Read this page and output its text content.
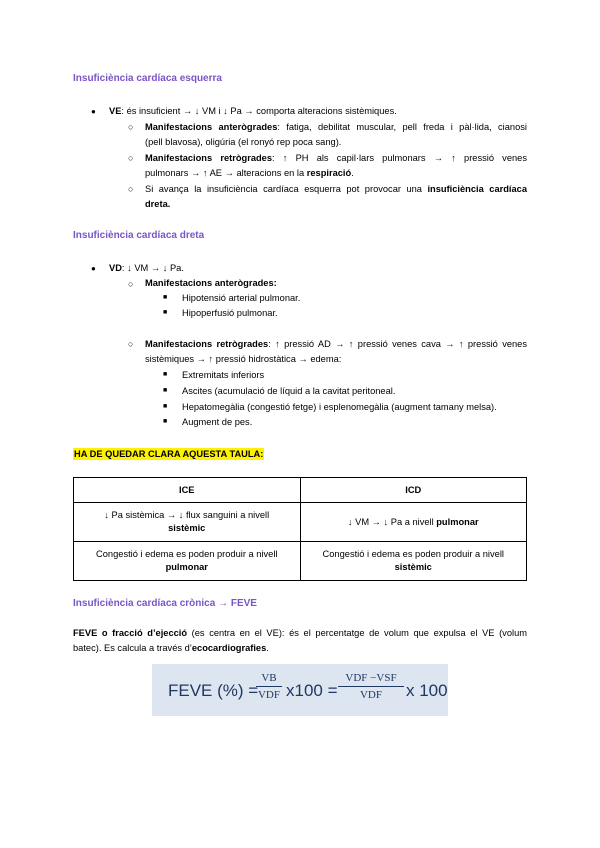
Insuficiència cardíaca esquerra
● VE: és insuficient → ↓ VM i ↓ Pa → comporta alteracions sistèmiques.
○ Manifestacions anterògrades: fatiga, debilitat muscular, pell freda i pàl·lida, cianosi
(pell blavosa), oligúria (el ronyó rep poca sang).
○ Manifestacions retrògrades: ↑ PH als capil·lars pulmonars → ↑ pressió venes
pulmonars → ↑ AE → alteracions en la respiració.
○ Si avança la insuficiència cardíaca esquerra pot provocar una insuficiència cardíaca
dreta.
Insuficiència cardíaca dreta
● VD: ↓ VM → ↓ Pa.
○ Manifestacions anterògrades:
■ Hipotensió arterial pulmonar.
■ Hipoperfusió pulmonar.
○ Manifestacions retrògrades: ↑ pressió AD → ↑ pressió venes cava → ↑ pressió venes
sistèmiques → ↑ pressió hidrostàtica → edema:
■ Extremitats inferiors
■ Ascites (acumulació de líquid a la cavitat peritoneal.
■ Hepatomegàlia (congestió fetge) i esplenomegàlia (augment tamany melsa).
■ Augment de pes.
HA DE QUEDAR CLARA AQUESTA TAULA:
ICE	ICD
↓ Pa sistèmica → ↓ flux sanguini a nivell
sistèmic	↓ VM → ↓ Pa a nivell pulmonar
Congestió i edema es poden produir a nivell
pulmonar	Congestió i edema es poden produir a nivell
sistèmic
Insuficiència cardíaca crònica → FEVE
FEVE o fracció d’ejecció (es centra en el VE): és el percentatge de volum que expulsa el VE (volum
batec). Es calcula a través d’ecocardiografies.
FEVE (%) =
VB
VDF x100 =
VDF −VSF
VDF	x 100
